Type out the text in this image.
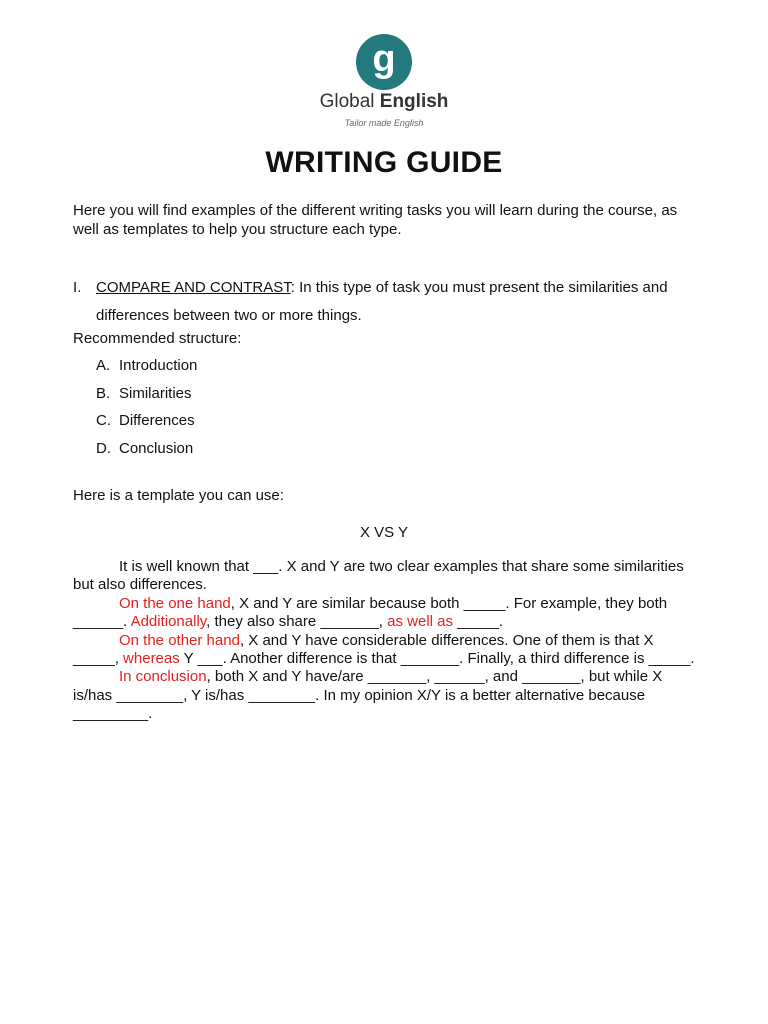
g
Global English
Tailor made English
WRITING GUIDE
Here you will find examples of the different writing tasks you will learn during the course, as well as templates to help you structure each type.
I. COMPARE AND CONTRAST: In this type of task you must present the similarities and
differences between two or more things.
Recommended structure:
A. Introduction
B. Similarities
C. Differences
D. Conclusion
Here is a template you can use:
X VS Y

It is well known that ___. X and Y are two clear examples that share some similarities but also differences.

On the one hand, X and Y are similar because both _____. For example, they both ______. Additionally, they also share _______, as well as _____.

On the other hand, X and Y have considerable differences. One of them is that X _____, whereas Y ___. Another difference is that _______. Finally, a third difference is _____.

In conclusion, both X and Y have/are _______, ______, and _______, but while X is/has ________, Y is/has ________. In my opinion X/Y is a better alternative because _________.
